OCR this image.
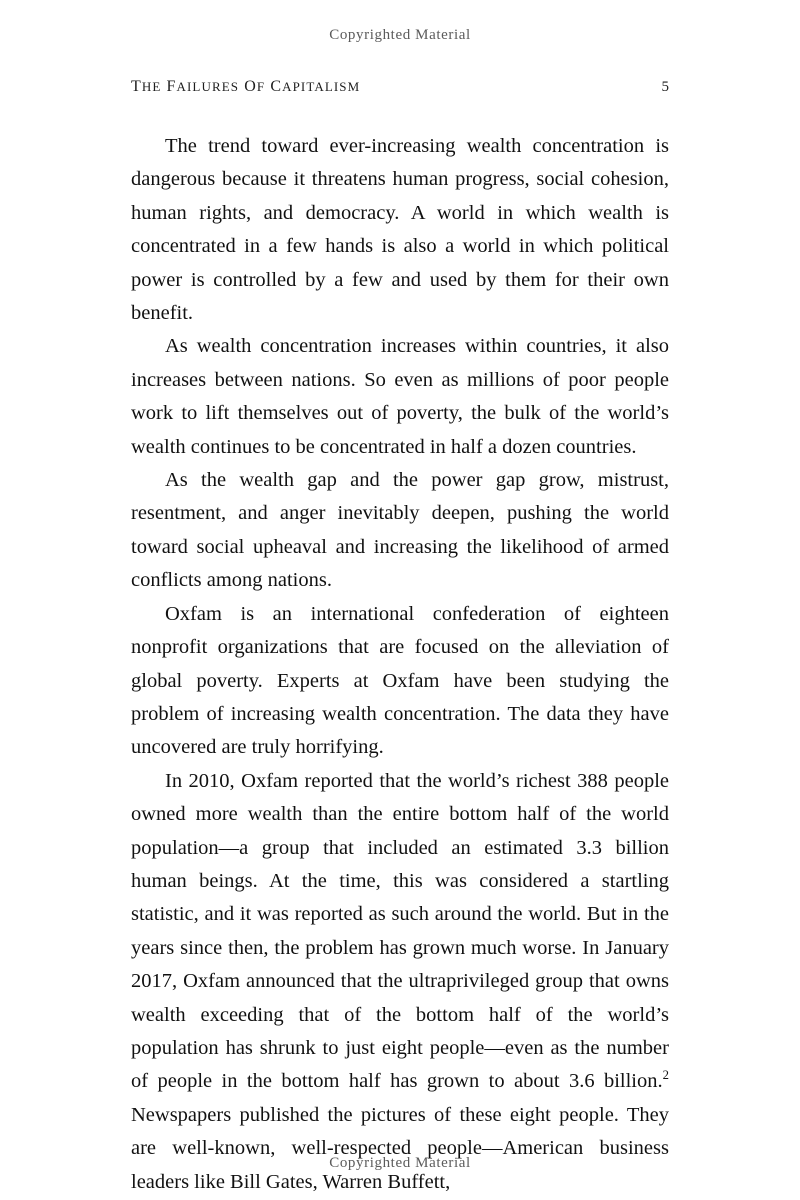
Copyrighted Material
THE FAILURES OF CAPITALISM	5

The trend toward ever-increasing wealth concentration is dangerous because it threatens human progress, social cohesion, human rights, and democracy. A world in which wealth is concentrated in a few hands is also a world in which political power is controlled by a few and used by them for their own benefit.

As wealth concentration increases within countries, it also increases between nations. So even as millions of poor people work to lift themselves out of poverty, the bulk of the world’s wealth continues to be concentrated in half a dozen countries.

As the wealth gap and the power gap grow, mistrust, resentment, and anger inevitably deepen, pushing the world toward social upheaval and increasing the likelihood of armed conflicts among nations.

Oxfam is an international confederation of eighteen nonprofit organizations that are focused on the alleviation of global poverty. Experts at Oxfam have been studying the problem of increasing wealth concentration. The data they have uncovered are truly horrifying.

In 2010, Oxfam reported that the world’s richest 388 people owned more wealth than the entire bottom half of the world population—a group that included an estimated 3.3 billion human beings. At the time, this was considered a startling statistic, and it was reported as such around the world. But in the years since then, the problem has grown much worse. In January 2017, Oxfam announced that the ultraprivileged group that owns wealth exceeding that of the bottom half of the world’s population has shrunk to just eight people—even as the number of people in the bottom half has grown to about 3.6 billion.$^2$ Newspapers published the pictures of these eight people. They are well-known, well-respected people—American business leaders like Bill Gates, Warren Buffett,

Copyrighted Material
